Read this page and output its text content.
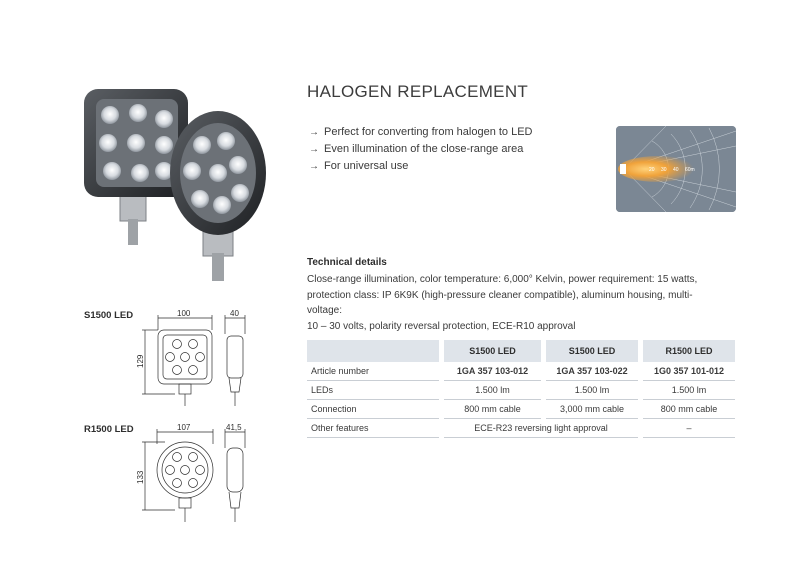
HALOGEN REPLACEMENT
→ Perfect for converting from halogen to LED
→ Even illumination of the close-range area
→ For universal use	20 30 40 60m
Technical details
Close-range illumination, color temperature: 6,000° Kelvin, power requirement: 15 watts,
protection class: IP 6K9K (high-pressure cleaner compatible), aluminum housing, multi-voltage:
10 – 30 volts, polarity reversal protection, ECE-R10 approval
S1500 LED
R1500 LED
100	40
129
107	41,5
133
		S1500 LED		S1500 LED		R1500 LED
Article number		1GA 357 103-012		1GA 357 103-022		1G0 357 101-012
LEDs		1.500 lm		1.500 lm		1.500 lm
Connection		800 mm cable		3,000 mm cable		800 mm cable
Other features		ECE-R23 reversing light approval				–
